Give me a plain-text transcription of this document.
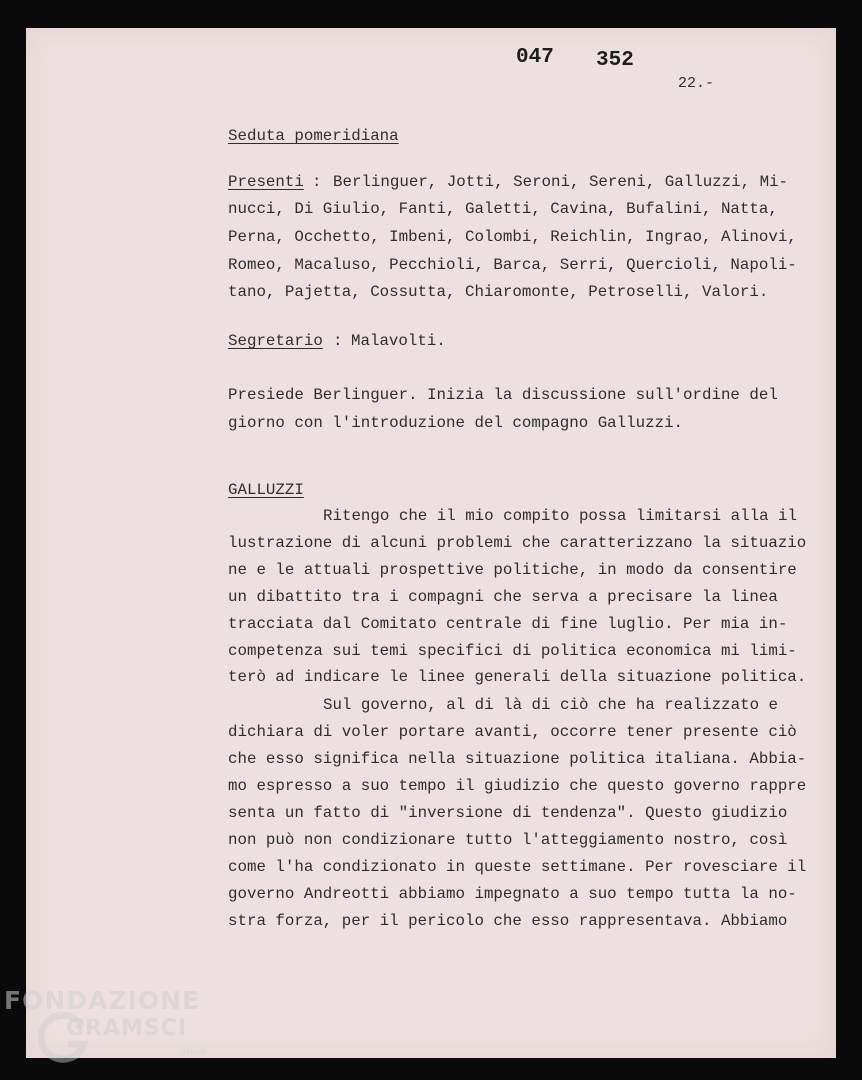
047 352
22.-
Seduta pomeridiana
Presenti : Berlinguer, Jotti, Seroni, Sereni, Galluzzi, Mi-
nucci, Di Giulio, Fanti, Galetti, Cavina, Bufalini, Natta,
Perna, Occhetto, Imbeni, Colombi, Reichlin, Ingrao, Alinovi,
Romeo, Macaluso, Pecchioli, Barca, Serri, Quercioli, Napoli-
tano, Pajetta, Cossutta, Chiaromonte, Petroselli, Valori.
Segretario : Malavolti.
Presiede Berlinguer. Inizia la discussione sull'ordine del
giorno con l'introduzione del compagno Galluzzi.
GALLUZZI
Ritengo che il mio compito possa limitarsi alla il
lustrazione di alcuni problemi che caratterizzano la situazio
ne e le attuali prospettive politiche, in modo da consentire
un dibattito tra i compagni che serva a precisare la linea
tracciata dal Comitato centrale di fine luglio. Per mia in-
competenza sui temi specifici di politica economica mi limi-
terò ad indicare le linee generali della situazione politica.
Sul governo, al di là di ciò che ha realizzato e
dichiara di voler portare avanti, occorre tener presente ciò
che esso significa nella situazione politica italiana. Abbia-
mo espresso a suo tempo il giudizio che questo governo rappre
senta un fatto di "inversione di tendenza". Questo giudizio
non può non condizionare tutto l'atteggiamento nostro, così
come l'ha condizionato in queste settimane. Per rovesciare il
governo Andreotti abbiamo impegnato a suo tempo tutta la no-
stra forza, per il pericolo che esso rappresentava. Abbiamo
FONDAZIONE
GRAMSCI
onlus
